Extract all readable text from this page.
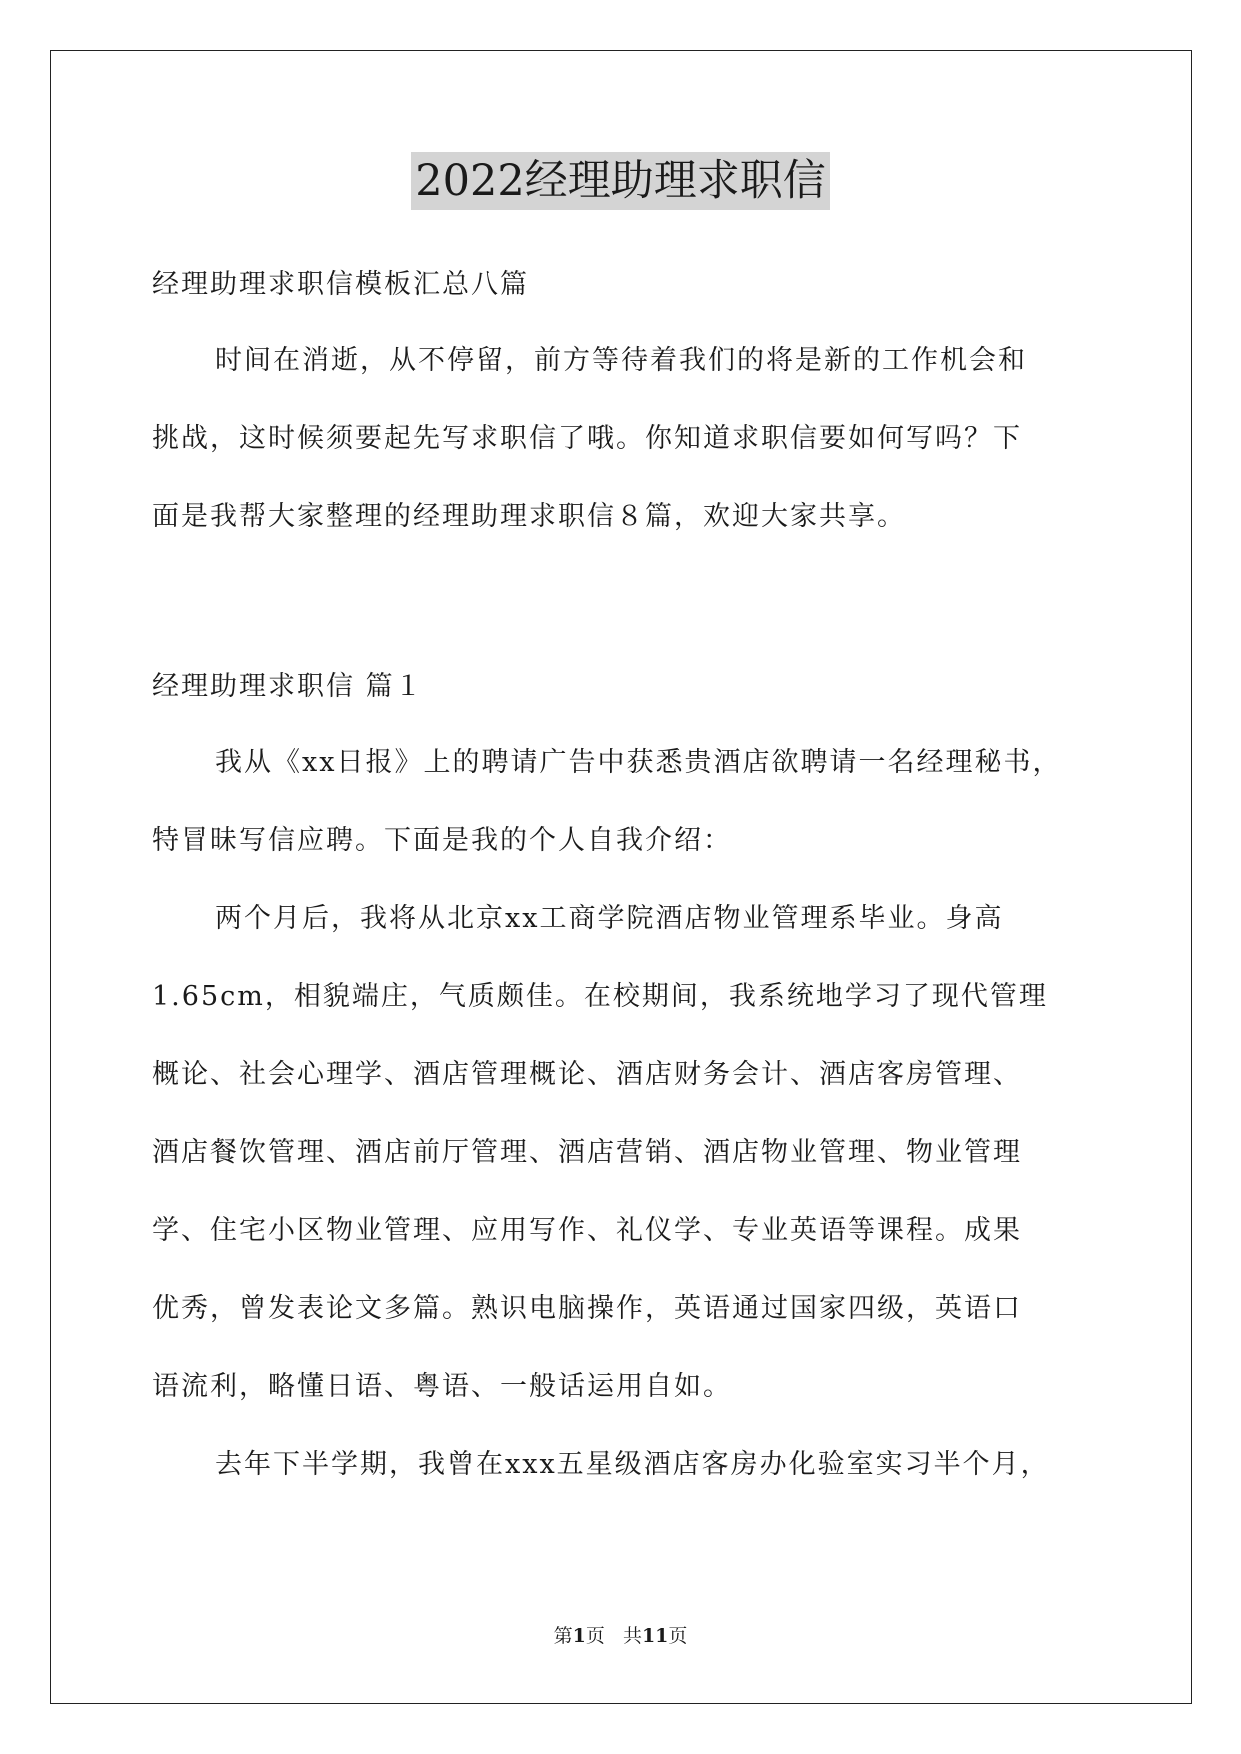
2022经理助理求职信

经理助理求职信模板汇总八篇

时间在消逝，从不停留，前方等待着我们的将是新的工作机会和

挑战，这时候须要起先写求职信了哦。你知道求职信要如何写吗？下

面是我帮大家整理的经理助理求职信８篇，欢迎大家共享。

经理助理求职信 篇１

我从《xx日报》上的聘请广告中获悉贵酒店欲聘请一名经理秘书，

特冒昧写信应聘。下面是我的个人自我介绍：

两个月后，我将从北京xx工商学院酒店物业管理系毕业。身高

1.65cm，相貌端庄，气质颇佳。在校期间，我系统地学习了现代管理

概论、社会心理学、酒店管理概论、酒店财务会计、酒店客房管理、

酒店餐饮管理、酒店前厅管理、酒店营销、酒店物业管理、物业管理

学、住宅小区物业管理、应用写作、礼仪学、专业英语等课程。成果

优秀，曾发表论文多篇。熟识电脑操作，英语通过国家四级，英语口

语流利，略懂日语、粤语、一般话运用自如。

去年下半学期，我曾在xxx五星级酒店客房办化验室实习半个月，

第1页   共11页
